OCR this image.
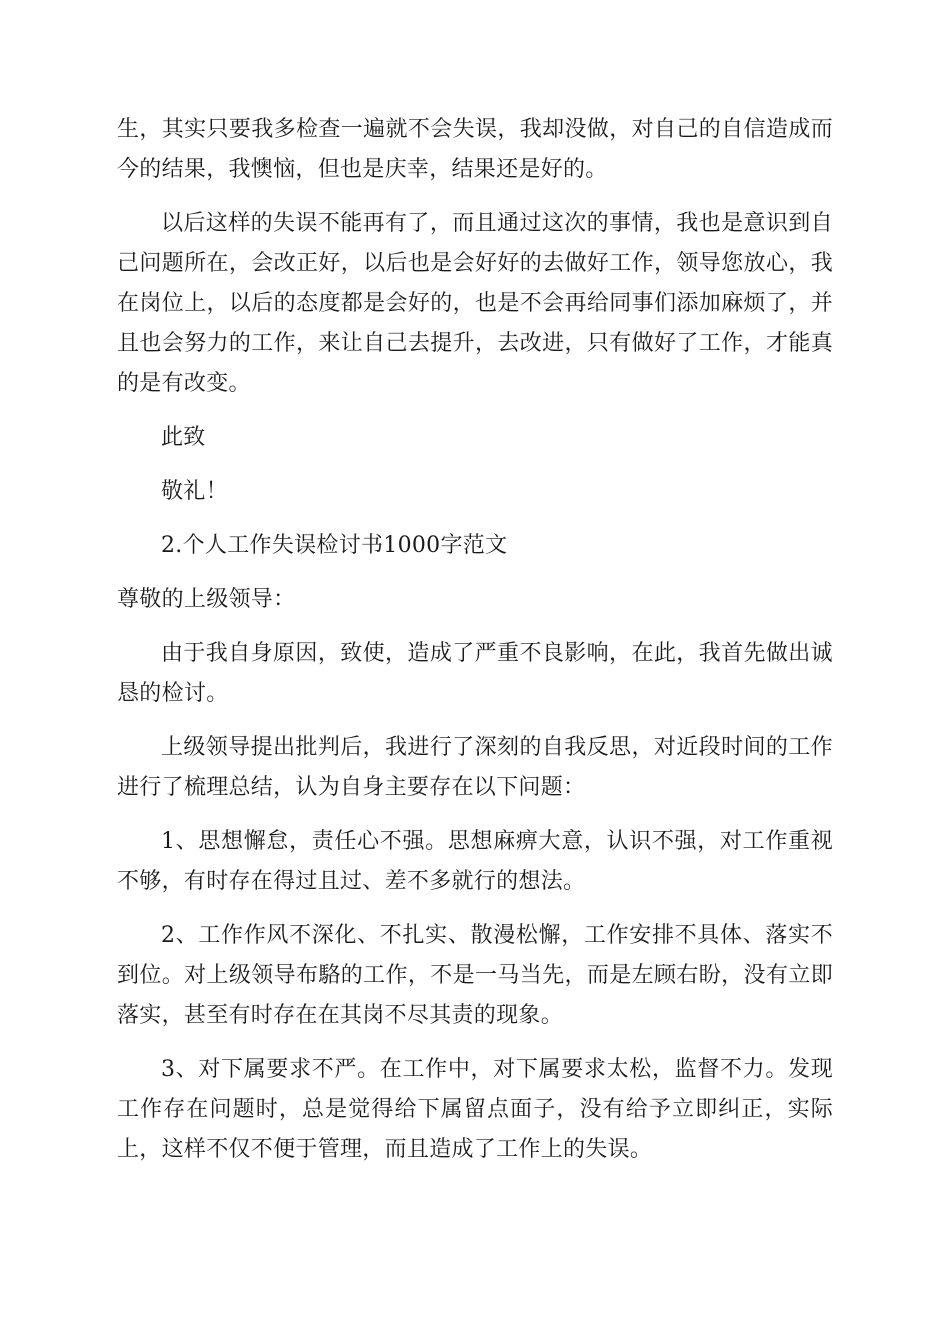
生，其实只要我多检查一遍就不会失误，我却没做，对自己的自信造成而今的结果，我懊恼，但也是庆幸，结果还是好的。

以后这样的失误不能再有了，而且通过这次的事情，我也是意识到自己问题所在，会改正好，以后也是会好好的去做好工作，领导您放心，我在岗位上，以后的态度都是会好的，也是不会再给同事们添加麻烦了，并且也会努力的工作，来让自己去提升，去改进，只有做好了工作，才能真的是有改变。

此致

敬礼！

2.个人工作失误检讨书1000字范文

尊敬的上级领导：

由于我自身原因，致使，造成了严重不良影响，在此，我首先做出诚恳的检讨。

上级领导提出批判后，我进行了深刻的自我反思，对近段时间的工作进行了梳理总结，认为自身主要存在以下问题：

1、思想懈怠，责任心不强。思想麻痹大意，认识不强，对工作重视不够，有时存在得过且过、差不多就行的想法。

2、工作作风不深化、不扎实、散漫松懈，工作安排不具体、落实不到位。对上级领导布駱的工作，不是一马当先，而是左顾右盼，没有立即落实，甚至有时存在在其岗不尽其责的现象。

3、对下属要求不严。在工作中，对下属要求太松，监督不力。发现工作存在问题时，总是觉得给下属留点面子，没有给予立即纠正，实际上，这样不仅不便于管理，而且造成了工作上的失误。
